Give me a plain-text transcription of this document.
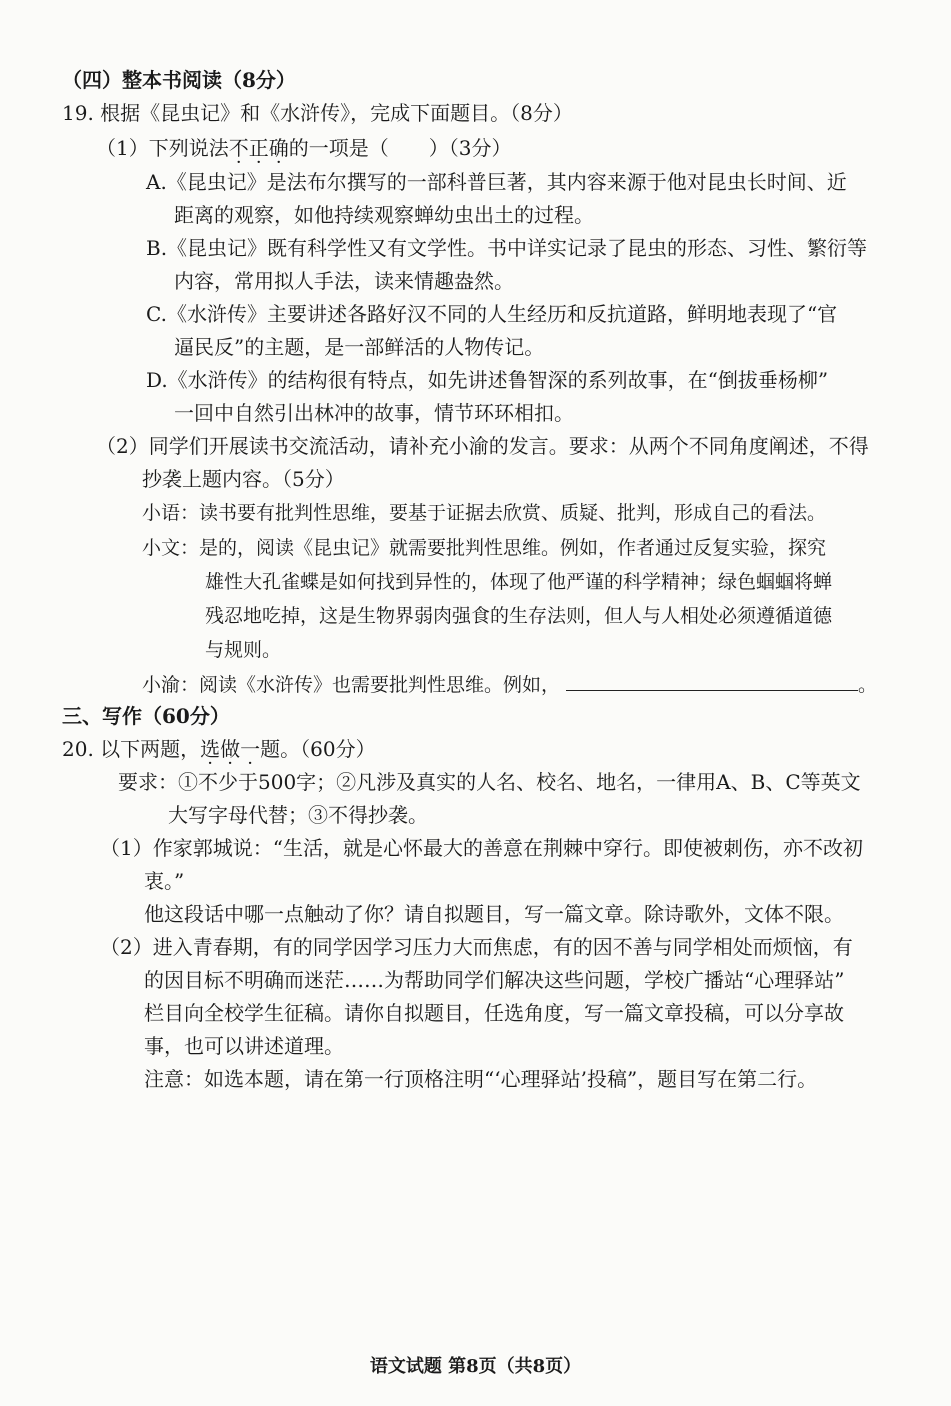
（四）整本书阅读（8分）
19. 根据《昆虫记》和《水浒传》，完成下面题目。（8分）
（1）下列说法不正确的一项是（　　）（3分）
A.《昆虫记》是法布尔撰写的一部科普巨著，其内容来源于他对昆虫长时间、近
距离的观察，如他持续观察蝉幼虫出土的过程。
B.《昆虫记》既有科学性又有文学性。书中详实记录了昆虫的形态、习性、繁衍等
内容，常用拟人手法，读来情趣盎然。
C.《水浒传》主要讲述各路好汉不同的人生经历和反抗道路，鲜明地表现了“官
逼民反”的主题，是一部鲜活的人物传记。
D.《水浒传》的结构很有特点，如先讲述鲁智深的系列故事，在“倒拔垂杨柳”
一回中自然引出林冲的故事，情节环环相扣。
（2）同学们开展读书交流活动，请补充小渝的发言。要求：从两个不同角度阐述，不得
抄袭上题内容。（5分）
小语：读书要有批判性思维，要基于证据去欣赏、质疑、批判，形成自己的看法。
小文：是的，阅读《昆虫记》就需要批判性思维。例如，作者通过反复实验，探究
雄性大孔雀蝶是如何找到异性的，体现了他严谨的科学精神；绿色蝈蝈将蝉
残忍地吃掉，这是生物界弱肉强食的生存法则，但人与人相处必须遵循道德
与规则。
小渝：阅读《水浒传》也需要批判性思维。例如，	。
三、写作（60分）
20. 以下两题，选做一题。（60分）
要求：①不少于500字；②凡涉及真实的人名、校名、地名，一律用A、B、C等英文
大写字母代替；③不得抄袭。
（1）作家郭城说：“生活，就是心怀最大的善意在荆棘中穿行。即使被刺伤，亦不改初
衷。”
他这段话中哪一点触动了你？请自拟题目，写一篇文章。除诗歌外，文体不限。
（2）进入青春期，有的同学因学习压力大而焦虑，有的因不善与同学相处而烦恼，有
的因目标不明确而迷茫……为帮助同学们解决这些问题，学校广播站“心理驿站”
栏目向全校学生征稿。请你自拟题目，任选角度，写一篇文章投稿，可以分享故
事，也可以讲述道理。
注意：如选本题，请在第一行顶格注明“‘心理驿站’投稿”，题目写在第二行。
语文试题 第8页（共8页）
